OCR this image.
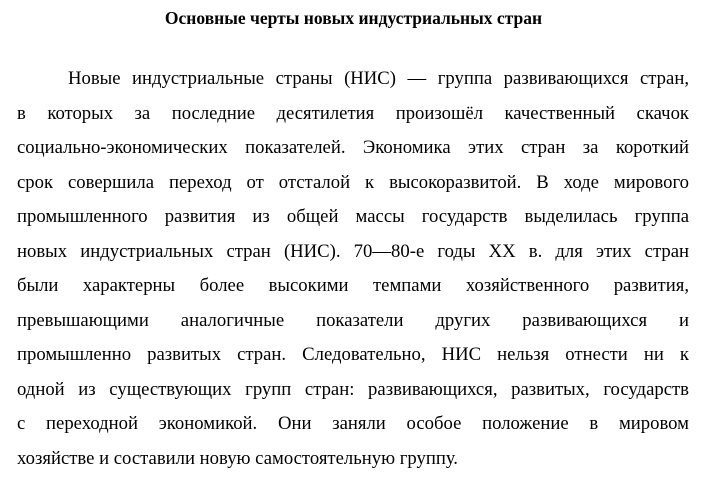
Основные черты новых индустриальных стран
Новые индустриальные страны (НИС) — группа развивающихся стран,
в которых за последние десятилетия произошёл качественный скачок
социально-экономических показателей. Экономика этих стран за короткий
срок совершила переход от отсталой к высокоразвитой. В ходе мирового
промышленного развития из общей массы государств выделилась группа
новых индустриальных стран (НИС). 70—80-е годы XX в. для этих стран
были характерны более высокими темпами хозяйственного развития,
превышающими аналогичные показатели других развивающихся и
промышленно развитых стран. Следовательно, НИС нельзя отнести ни к
одной из существующих групп стран: развивающихся, развитых, государств
с переходной экономикой. Они заняли особое положение в мировом
хозяйстве и составили новую самостоятельную группу.
